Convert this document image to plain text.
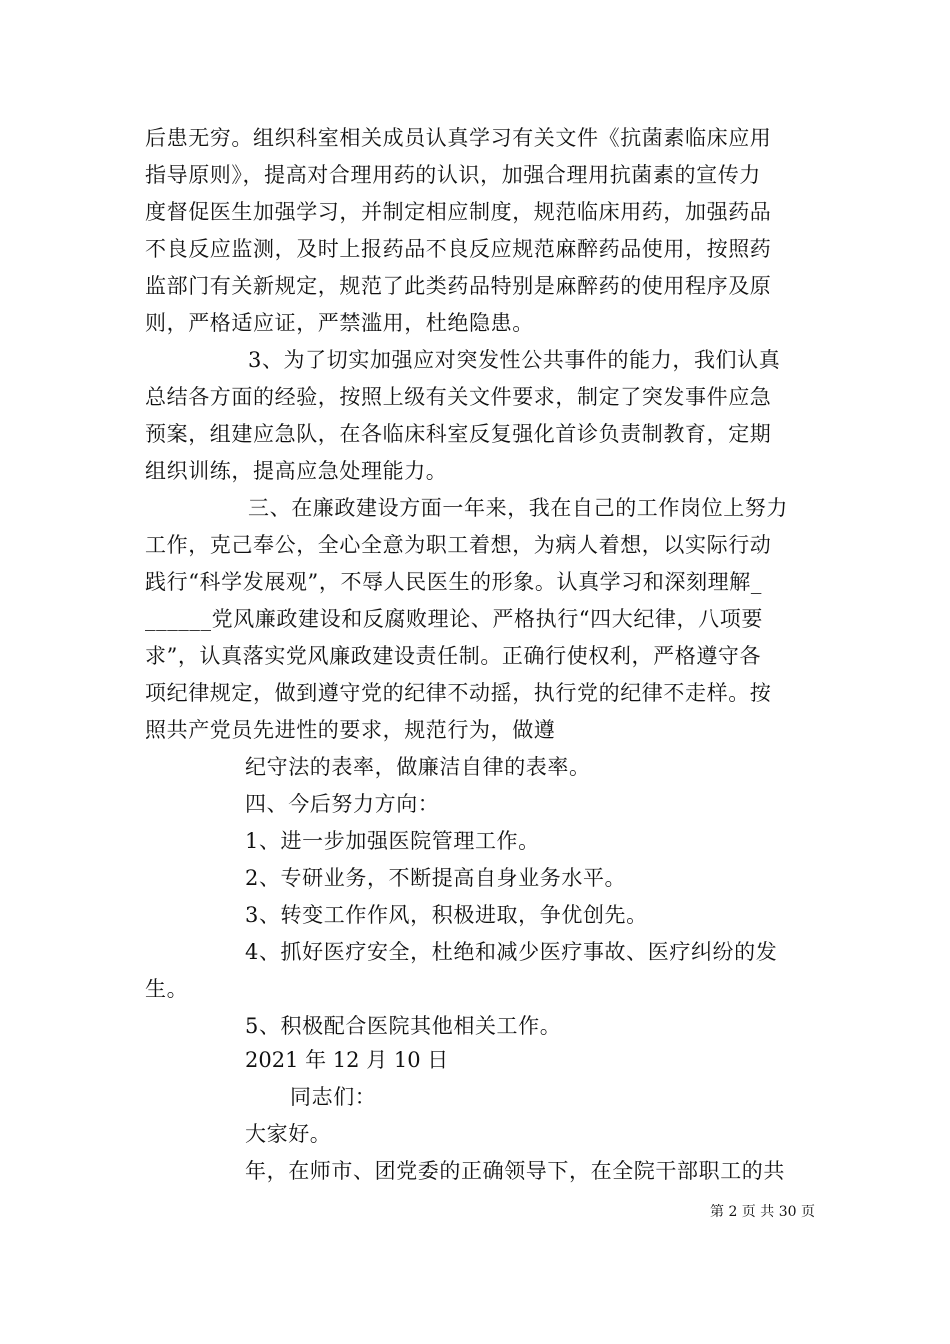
后患无穷。组织科室相关成员认真学习有关文件《抗菌素临床应用
指导原则》，提高对合理用药的认识，加强合理用抗菌素的宣传力
度督促医生加强学习，并制定相应制度，规范临床用药，加强药品
不良反应监测，及时上报药品不良反应规范麻醉药品使用，按照药
监部门有关新规定，规范了此类药品特别是麻醉药的使用程序及原
则，严格适应证，严禁滥用，杜绝隐患。
3、为了切实加强应对突发性公共事件的能力，我们认真
总结各方面的经验，按照上级有关文件要求，制定了突发事件应急
预案，组建应急队，在各临床科室反复强化首诊负责制教育，定期
组织训练，提高应急处理能力。
三、在廉政建设方面一年来，我在自己的工作岗位上努力
工作，克己奉公，全心全意为职工着想，为病人着想，以实际行动
践行“科学发展观”，不辱人民医生的形象。认真学习和深刻理解_
______党风廉政建设和反腐败理论、严格执行“四大纪律，八项要
求”，认真落实党风廉政建设责任制。正确行使权利，严格遵守各
项纪律规定，做到遵守党的纪律不动摇，执行党的纪律不走样。按
照共产党员先进性的要求，规范行为，做遵
纪守法的表率，做廉洁自律的表率。
四、今后努力方向：
1、进一步加强医院管理工作。
2、专研业务，不断提高自身业务水平。
3、转变工作作风，积极进取，争优创先。
4、抓好医疗安全，杜绝和减少医疗事故、医疗纠纷的发
生。
5、积极配合医院其他相关工作。
2021 年 12 月 10 日
同志们：
大家好。
年，在师市、团党委的正确领导下，在全院干部职工的共
第 2 页 共 30 页
